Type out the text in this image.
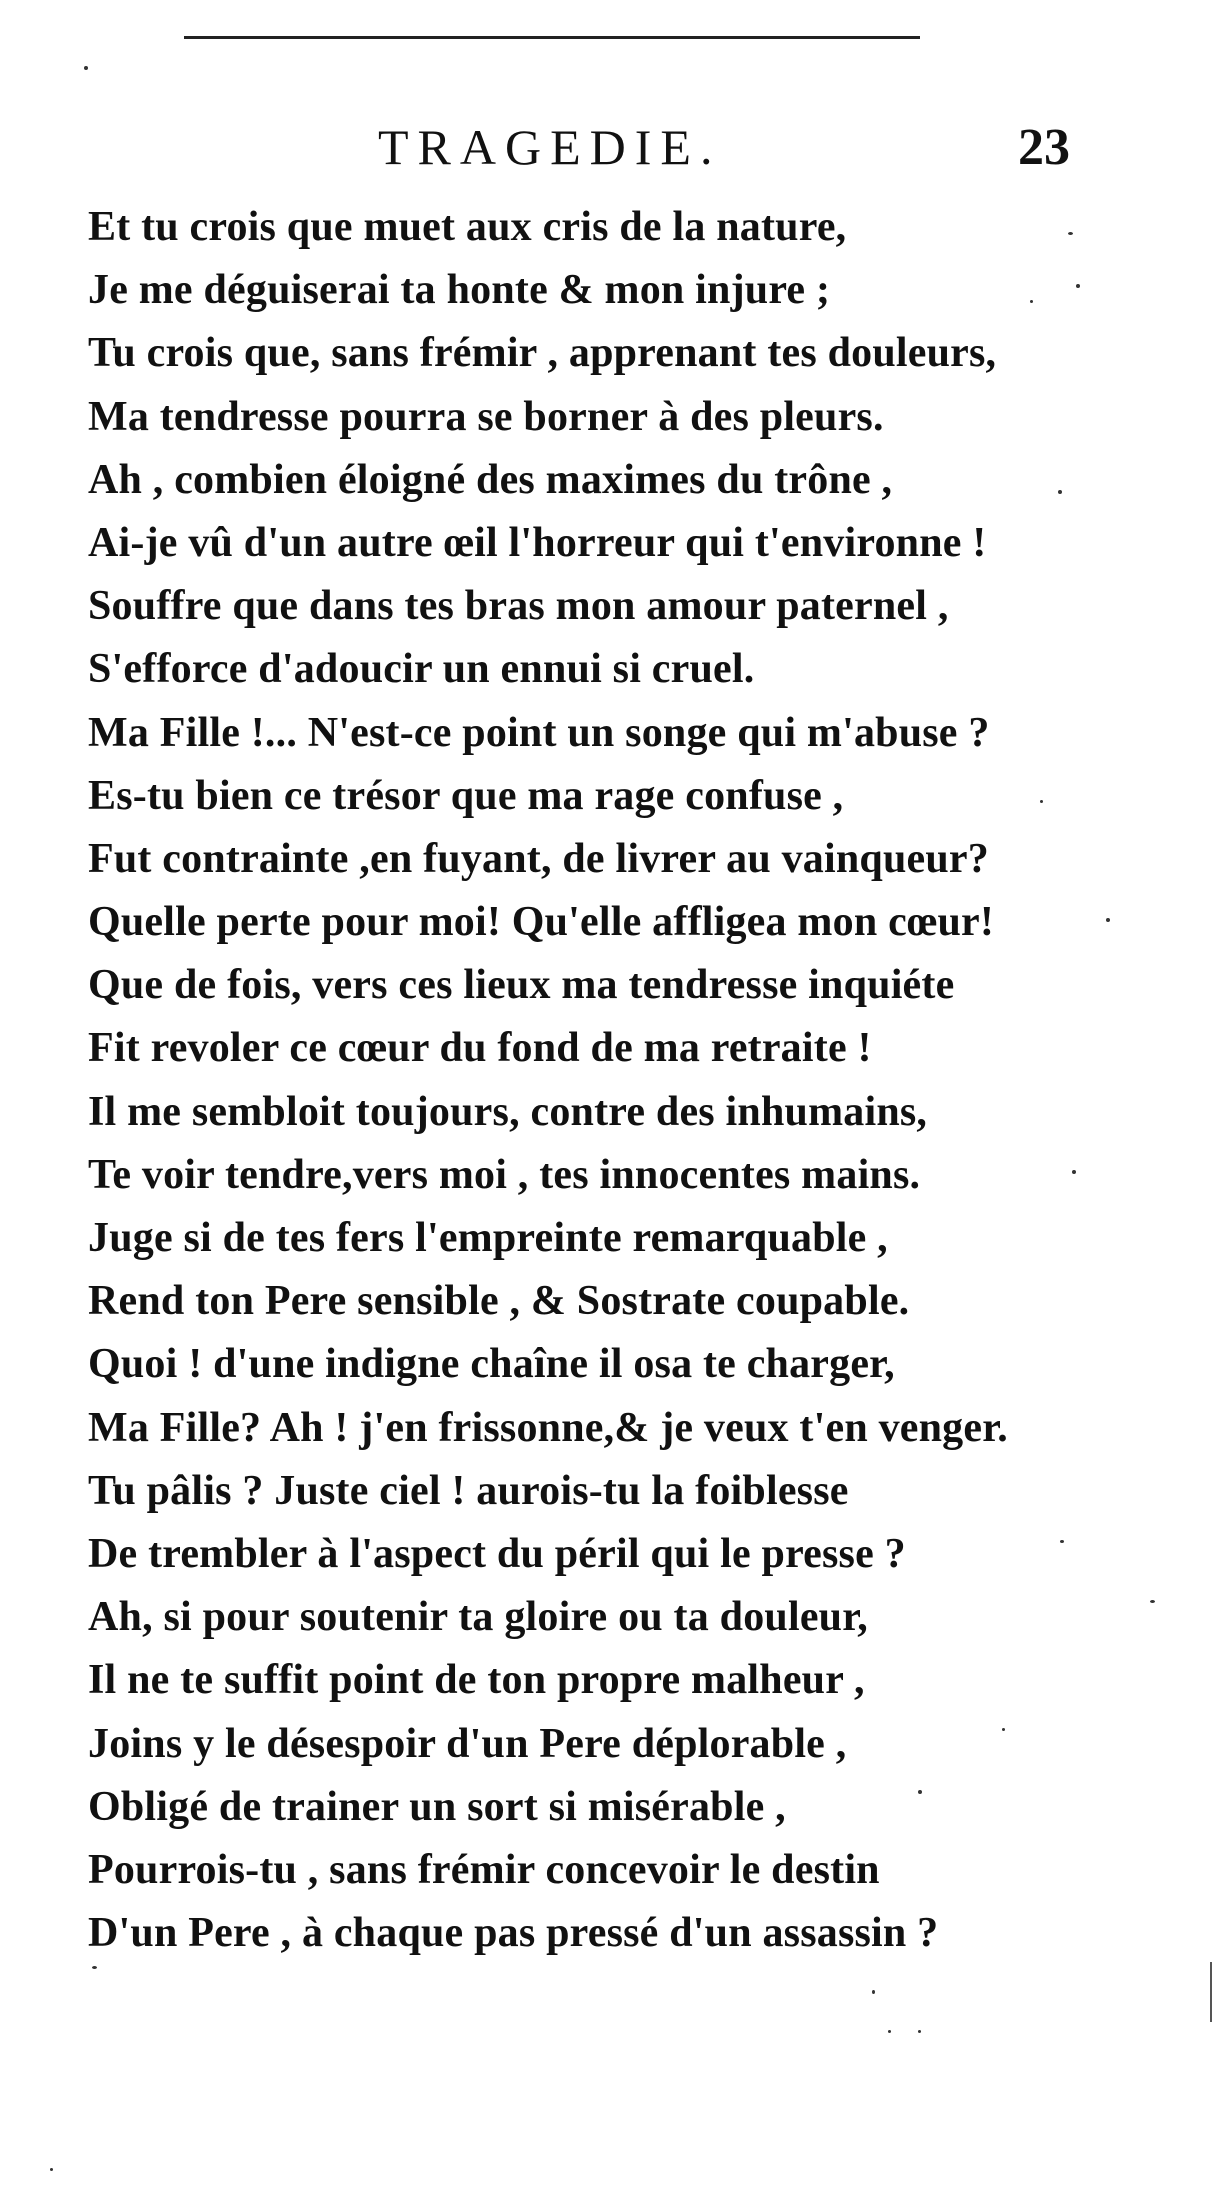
TRAGEDIE.	23
Et tu crois que muet aux cris de la nature,
Je me déguiserai ta honte & mon injure ;
Tu crois que, sans frémir , apprenant tes douleurs,
Ma tendresse pourra se borner à des pleurs.
Ah , combien éloigné des maximes du trône ,
Ai-je vû d'un autre œil l'horreur qui t'environne !
Souffre que dans tes bras mon amour paternel ,
S'efforce d'adoucir un ennui si cruel.
Ma Fille !... N'est-ce point un songe qui m'abuse ?
Es-tu bien ce trésor que ma rage confuse ,
Fut contrainte ,en fuyant, de livrer au vainqueur?
Quelle perte pour moi! Qu'elle affligea mon cœur!
Que de fois, vers ces lieux ma tendresse inquiéte
Fit revoler ce cœur du fond de ma retraite !
Il me sembloit toujours, contre des inhumains,
Te voir tendre,vers moi , tes innocentes mains.
Juge si de tes fers l'empreinte remarquable ,
Rend ton Pere sensible , & Sostrate coupable.
Quoi ! d'une indigne chaîne il osa te charger,
Ma Fille? Ah ! j'en frissonne,& je veux t'en venger.
Tu pâlis ? Juste ciel ! aurois-tu la foiblesse
De trembler à l'aspect du péril qui le presse ?
Ah, si pour soutenir ta gloire ou ta douleur,
Il ne te suffit point de ton propre malheur ,
Joins y le désespoir d'un Pere déplorable ,
Obligé de trainer un sort si misérable ,
Pourrois-tu , sans frémir concevoir le destin
D'un Pere , à chaque pas pressé d'un assassin ?
